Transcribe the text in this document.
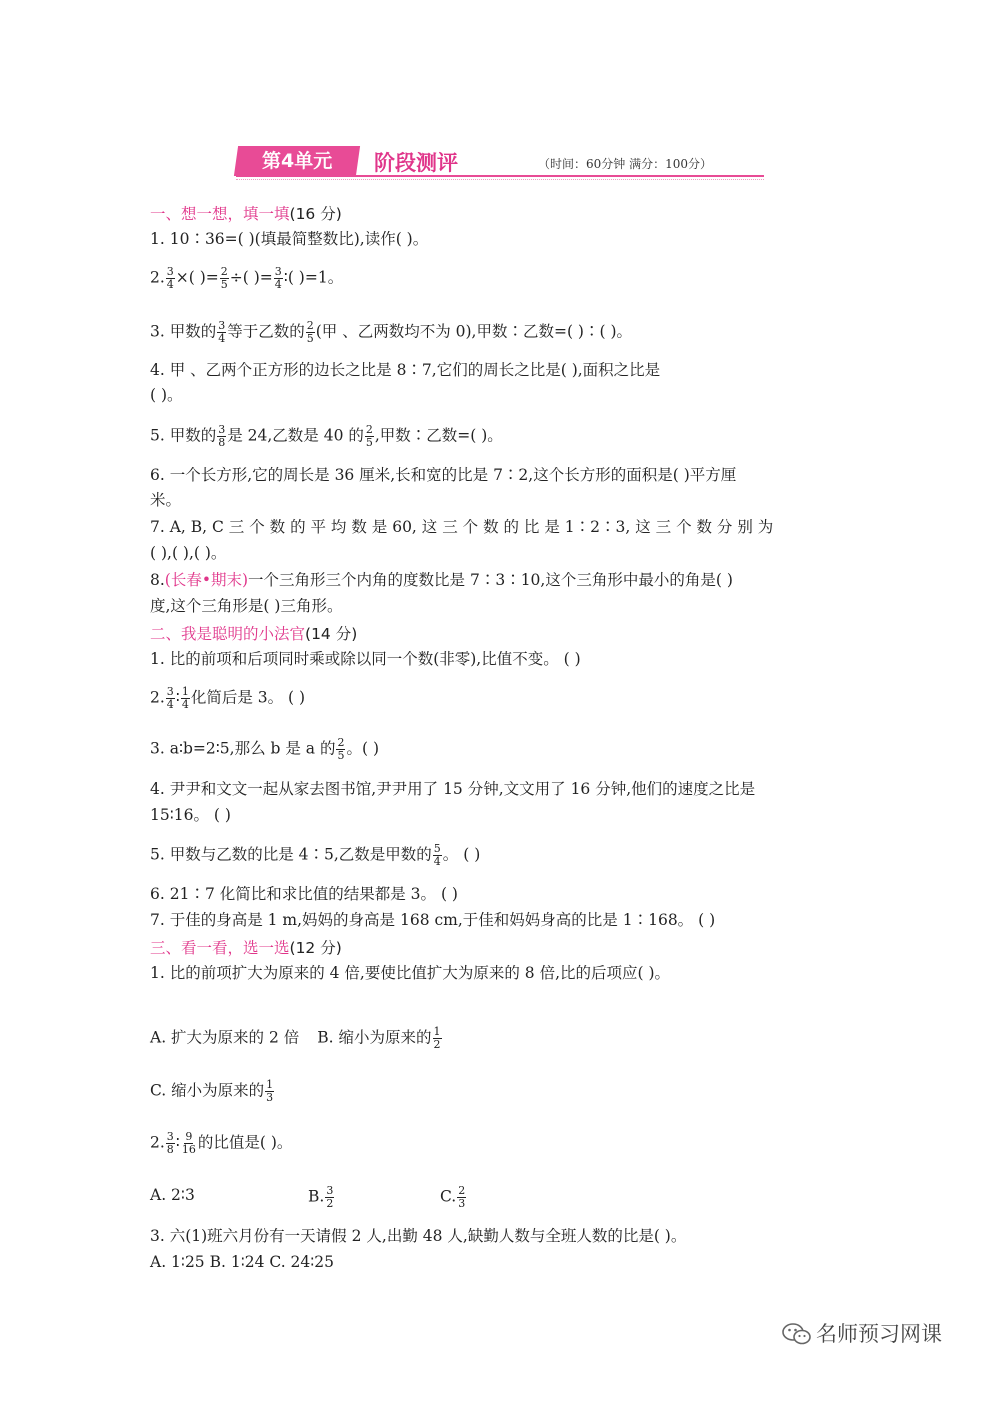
第4单元	阶段测评	（时间：60分钟 满分：100分）
一、想一想，填一填(16 分)
1. 10∶36=( )(填最简整数比),读作( )。
2. $\frac{3}{4}$ ×( )= $\frac{2}{5}$ ÷( )= $\frac{3}{4}$ ∶( )=1。
3. 甲数的 $\frac{3}{4}$ 等于乙数的 $\frac{2}{5}$ (甲 、乙两数均不为 0),甲数∶乙数=( )∶( )。
4. 甲 、乙两个正方形的边长之比是 8∶7,它们的周长之比是( ),面积之比是
( )。
5. 甲数的 $\frac{3}{8}$ 是 24,乙数是 40 的 $\frac{2}{5}$ ,甲数∶乙数=( )。
6. 一个长方形,它的周长是 36 厘米,长和宽的比是 7∶2,这个长方形的面积是( )平方厘
米。
7. A, B, C 三 个 数 的 平 均 数 是 60, 这 三 个 数 的 比 是 1∶2∶3, 这 三 个 数 分 别 为
( ),( ),( )。
8.(长春•期末)一个三角形三个内角的度数比是 7∶3∶10,这个三角形中最小的角是( )
度,这个三角形是( )三角形。
二、我是聪明的小法官(14 分)
1. 比的前项和后项同时乘或除以同一个数(非零),比值不变。 ( )
2. $\frac{3}{4}$ ∶ $\frac{1}{4}$ 化简后是 3。 ( )
3. a∶b=2∶5,那么 b 是 a 的 $\frac{2}{5}$ 。( )
4. 尹尹和文文一起从家去图书馆,尹尹用了 15 分钟,文文用了 16 分钟,他们的速度之比是
15∶16。 ( )
5. 甲数与乙数的比是 4∶5,乙数是甲数的 $\frac{5}{4}$ 。 ( )
6. 21∶7 化简比和求比值的结果都是 3。 ( )
7. 于佳的身高是 1 m,妈妈的身高是 168 cm,于佳和妈妈身高的比是 1∶168。 ( )
三、看一看，选一选(12 分)
1. 比的前项扩大为原来的 4 倍,要使比值扩大为原来的 8 倍,比的后项应( )。
A. 扩大为原来的 2 倍 B. 缩小为原来的 $\frac{1}{2}$
C. 缩小为原来的 $\frac{1}{3}$
2. $\frac{3}{8}$ ∶ $\frac{9}{16}$ 的比值是( )。
A. 2∶3	B. $\frac{3}{2}$	C. $\frac{2}{3}$
3. 六(1)班六月份有一天请假 2 人,出勤 48 人,缺勤人数与全班人数的比是( )。
A. 1∶25 B. 1∶24 C. 24∶25
名师预习网课
